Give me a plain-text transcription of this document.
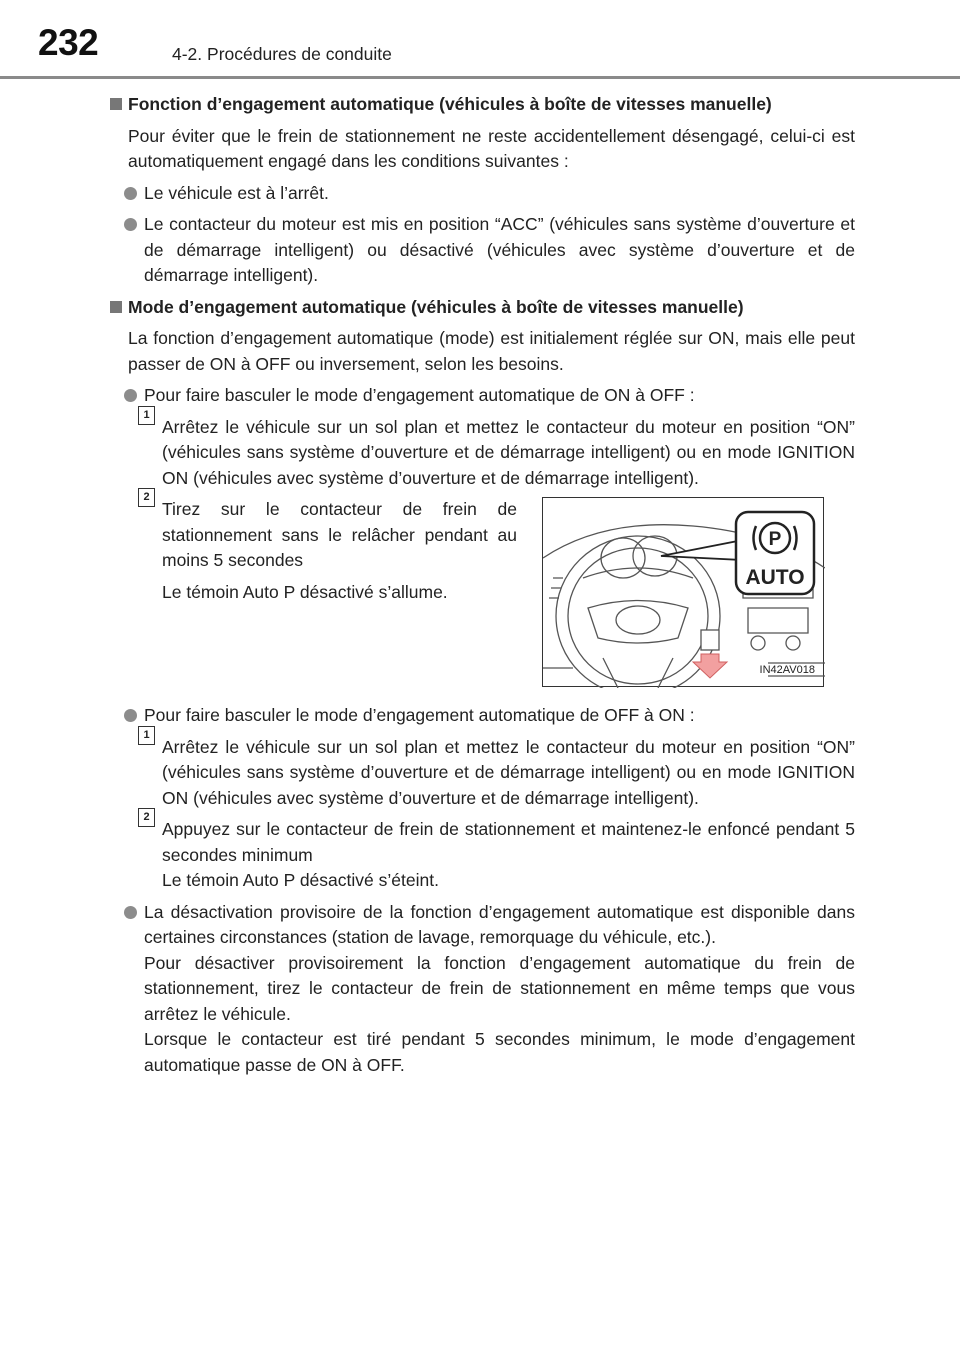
232	4-2. Procédures de conduite
Fonction d’engagement automatique (véhicules à boîte de vitesses manuelle)
Pour éviter que le frein de stationnement ne reste accidentellement désengagé, celui-ci est automatiquement engagé dans les conditions suivantes :
Le véhicule est à l’arrêt.
Le contacteur du moteur est mis en position “ACC” (véhicules sans système d’ouverture et de démarrage intelligent) ou désactivé (véhicules avec système d’ouverture et de démarrage intelligent).
Mode d’engagement automatique (véhicules à boîte de vitesses manuelle)
La fonction d’engagement automatique (mode) est initialement réglée sur ON, mais elle peut passer de ON à OFF ou inversement, selon les besoins.
Pour faire basculer le mode d’engagement automatique de ON à OFF :
1
Arrêtez le véhicule sur un sol plan et mettez le contacteur du moteur en position “ON” (véhicules sans système d’ouverture et de démarrage intelligent) ou en mode IGNITION ON (véhicules avec système d’ouverture et de démarrage intelligent).
2
Tirez sur le contacteur de frein de stationnement sans le relâcher pendant au moins 5 secondes
Le témoin Auto P désactivé s’allume.
P
AUTO
IN42AV018
Pour faire basculer le mode d’engagement automatique de OFF à ON :
1
Arrêtez le véhicule sur un sol plan et mettez le contacteur du moteur en position “ON” (véhicules sans système d’ouverture et de démarrage intelligent) ou en mode IGNITION ON (véhicules avec système d’ouverture et de démarrage intelligent).
2
Appuyez sur le contacteur de frein de stationnement et maintenez-le enfoncé pendant 5 secondes minimum
Le témoin Auto P désactivé s’éteint.
La désactivation provisoire de la fonction d’engagement automatique est disponible dans certaines circonstances (station de lavage, remorquage du véhicule, etc.).
Pour désactiver provisoirement la fonction d’engagement automatique du frein de stationnement, tirez le contacteur de frein de stationnement en même temps que vous arrêtez le véhicule.
Lorsque le contacteur est tiré pendant 5 secondes minimum, le mode d’engagement automatique passe de ON à OFF.
